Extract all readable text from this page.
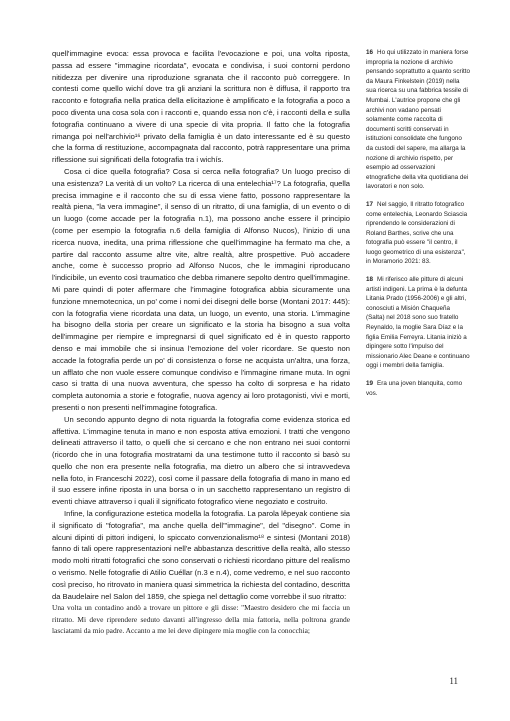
quell'immagine evoca: essa provoca e facilita l'evocazione e poi, una volta riposta, passa ad essere "immagine ricordata", evocata e condivisa, i suoi contorni perdono nitidezza per divenire una riproduzione sgranata che il racconto può correggere. In contesti come quello wichí dove tra gli anziani la scrittura non è diffusa, il rapporto tra racconto e fotografia nella pratica della elicitazione è amplificato e la fotografia a poco a poco diventa una cosa sola con i racconti e, quando essa non c'è, i racconti della e sulla fotografia continuano a vivere di una specie di vita propria. Il fatto che la fotografia rimanga poi nell'archivio¹⁶ privato della famiglia è un dato interessante ed è su questo che la forma di restituzione, accompagnata dal racconto, potrà rappresentare una prima riflessione sui significati della fotografia tra i wichís.

Cosa ci dice quella fotografia? Cosa si cerca nella fotografia? Un luogo preciso di una esistenza? La verità di un volto? La ricerca di una entelechia¹⁷? La fotografia, quella precisa immagine e il racconto che su di essa viene fatto, possono rappresentare la realtà piena, "la vera immagine", il senso di un ritratto, di una famiglia, di un evento o di un luogo (come accade per la fotografia n.1), ma possono anche essere il principio (come per esempio la fotografia n.6 della famiglia di Alfonso Nucos), l'inizio di una ricerca nuova, inedita, una prima riflessione che quell'immagine ha fermato ma che, a partire dal racconto assume altre vite, altre realtà, altre prospettive. Può accadere anche, come è successo proprio ad Alfonso Nucos, che le immagini riproducano l'indicibile, un evento così traumatico che debba rimanere sepolto dentro quell'immagine. Mi pare quindi di poter affermare che l'immagine fotografica abbia sicuramente una funzione mnemotecnica, un po' come i nomi dei disegni delle borse (Montani 2017: 445): con la fotografia viene ricordata una data, un luogo, un evento, una storia. L'immagine ha bisogno della storia per creare un significato e la storia ha bisogno a sua volta dell'immagine per riempire e impregnarsi di quel significato ed è in questo rapporto denso e mai immobile che si insinua l'emozione del voler ricordare. Se questo non accade la fotografia perde un po' di consistenza o forse ne acquista un'altra, una forza, un afflato che non vuole essere comunque condiviso e l'immagine rimane muta. In ogni caso si tratta di una nuova avventura, che spesso ha colto di sorpresa e ha ridato completa autonomia a storie e fotografie, nuova agency ai loro protagonisti, vivi e morti, presenti o non presenti nell'immagine fotografica.

Un secondo appunto degno di nota riguarda la fotografia come evidenza storica ed affettiva. L'immagine tenuta in mano e non esposta attiva emozioni. I tratti che vengono delineati attraverso il tatto, o quelli che si cercano e che non entrano nei suoi contorni (ricordo che in una fotografia mostratami da una testimone tutto il racconto si basò su quello che non era presente nella fotografia, ma dietro un albero che si intravvedeva nella foto, in Franceschi 2022), così come il passare della fotografia di mano in mano ed il suo essere infine riposta in una borsa o in un sacchetto rappresentano un registro di eventi chiave attraverso i quali il significato fotografico viene negoziato e costruito.

Infine, la configurazione estetica modella la fotografia. La parola lêpeyak contiene sia il significato di "fotografia", ma anche quella dell'"immagine", del "disegno". Come in alcuni dipinti di pittori indigeni, lo spiccato convenzionalismo¹⁸ e sintesi (Montani 2018) fanno di tali opere rappresentazioni nell'e abbastanza descrittive della realtà, allo stesso modo molti ritratti fotografici che sono conservati o richiesti ricordano pitture del realismo o verismo. Nelle fotografie di Atilio Cuéllar (n.3 e n.4), come vedremo, e nel suo racconto così preciso, ho ritrovato in maniera quasi simmetrica la richiesta del contadino, descritta da Baudelaire nel Salon del 1859, che spiega nel dettaglio come vorrebbe il suo ritratto:

Una volta un contadino andò a trovare un pittore e gli disse: "Maestro desidero che mi faccia un ritratto. Mi deve riprendere seduto davanti all'ingresso della mia fattoria, nella poltrona grande lasciatami da mio padre. Accanto a me lei deve dipingere mia moglie con la conocchia;

16 Ho qui utilizzato in maniera forse impropria la nozione di archivio pensando soprattutto a quanto scritto da Maura Finkelstein (2019) nella sua ricerca su una fabbrica tessile di Mumbai. L'autrice propone che gli archivi non vadano pensati solamente come raccolta di documenti scritti conservati in istituzioni consolidate che fungono da custodi del sapere, ma allarga la nozione di archivio rispetto, per esempio ad osservazioni etnografiche della vita quotidiana dei lavoratori e non solo.
17 Nel saggio, Il ritratto fotografico come entelechia, Leonardo Sciascia riprendendo le considerazioni di Roland Barthes, scrive che una fotografia può essere "il centro, il luogo geometrico di una esistenza", in Moramorio 2021: 83.
18 Mi riferisco alle pitture di alcuni artisti indigeni. La prima è la defunta Litania Prado (1956-2006) e gli altri, conosciuti a Misión Chaqueña (Salta) nel 2018 sono suo fratello Reynaldo, la moglie Sara Díaz e la figlia Emilia Ferreyra. Litania iniziò a dipingere sotto l'impulso del missionario Alec Deane e continuano oggi i membri della famiglia.
19 Era una joven blanquita, como vos.
11
